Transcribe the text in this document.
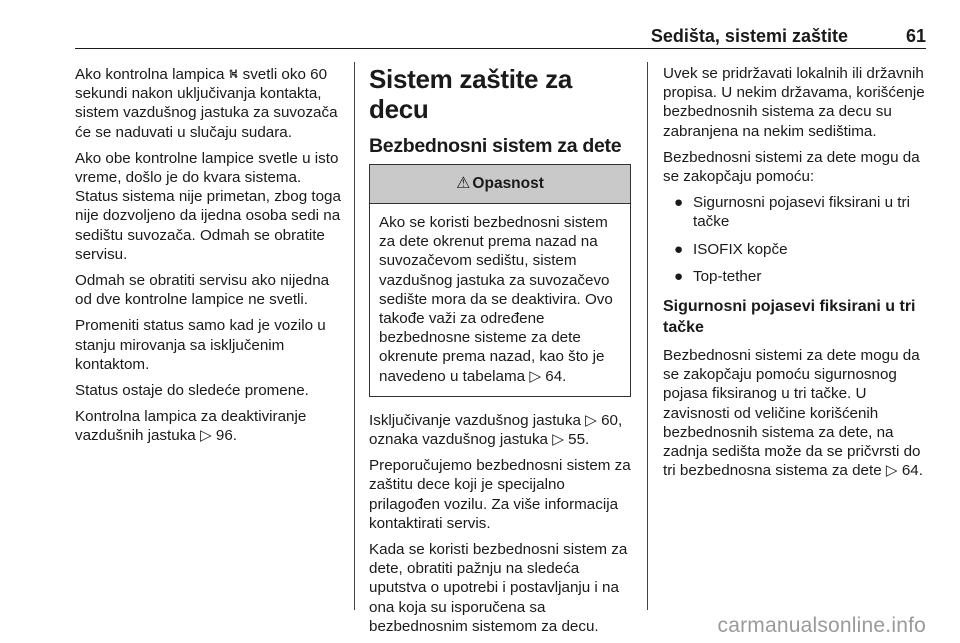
Sedišta, sistemi zaštite	61

Ako kontrolna lampica ⛕ svetli oko 60 sekundi nakon uključivanja kontakta, sistem vazdušnog jastuka za suvozača će se naduvati u slučaju sudara.

Ako obe kontrolne lampice svetle u isto vreme, došlo je do kvara sistema. Status sistema nije primetan, zbog toga nije dozvoljeno da ijedna osoba sedi na sedištu suvozača. Odmah se obratite servisu.

Odmah se obratiti servisu ako nijedna od dve kontrolne lampice ne svetli.

Promeniti status samo kad je vozilo u stanju mirovanja sa isključenim kontaktom.

Status ostaje do sledeće promene.

Kontrolna lampica za deaktiviranje vazdušnih jastuka ▷ 96.

Sistem zaštite za decu
Bezbednosni sistem za dete
⚠ Opasnost

Ako se koristi bezbednosni sistem za dete okrenut prema nazad na suvozačevom sedištu, sistem vazdušnog jastuka za suvozačevo sedište mora da se deaktivira. Ovo takođe važi za određene bezbednosne sisteme za dete okrenute prema nazad, kao što je navedeno u tabelama ▷ 64.

Isključivanje vazdušnog jastuka ▷ 60, oznaka vazdušnog jastuka ▷ 55.

Preporučujemo bezbednosni sistem za zaštitu dece koji je specijalno prilagođen vozilu. Za više informacija kontaktirati servis.

Kada se koristi bezbednosni sistem za dete, obratiti pažnju na sledeća uputstva o upotrebi i postavljanju i na ona koja su isporučena sa bezbednosnim sistemom za decu.

Uvek se pridržavati lokalnih ili državnih propisa. U nekim državama, korišćenje bezbednosnih sistema za decu su zabranjena na nekim sedištima.

Bezbednosni sistemi za dete mogu da se zakopčaju pomoću:

● Sigurnosni pojasevi fiksirani u tri tačke
● ISOFIX kopče
● Top-tether
Sigurnosni pojasevi fiksirani u tri tačke

Bezbednosni sistemi za dete mogu da se zakopčaju pomoću sigurnosnog pojasa fiksiranog u tri tačke. U zavisnosti od veličine korišćenih bezbednosnih sistema za dete, na zadnja sedišta može da se pričvrsti do tri bezbednosna sistema za dete ▷ 64.

carmanualsonline.info
